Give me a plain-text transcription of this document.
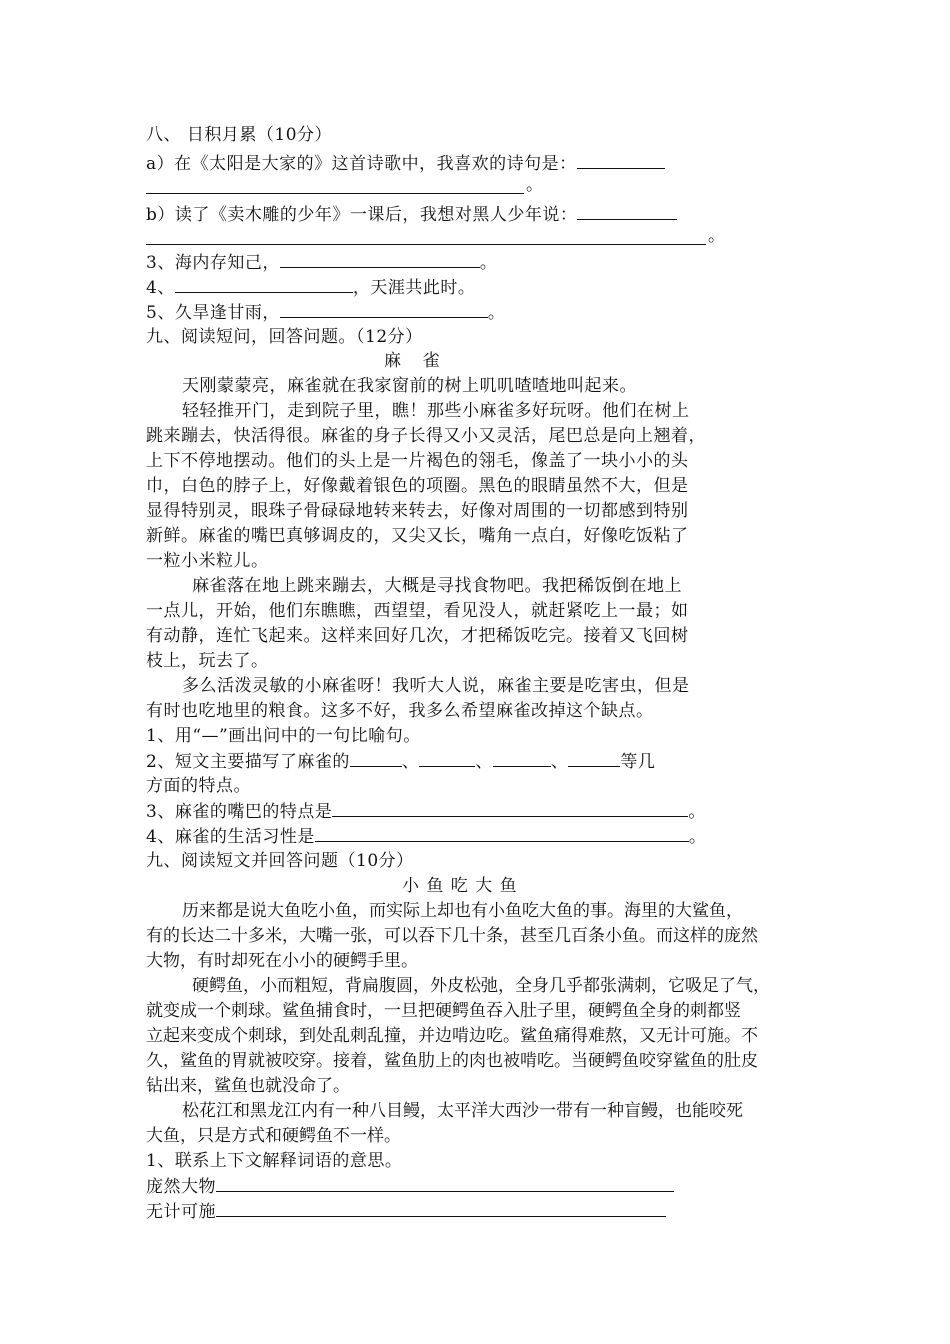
八、 日积月累（10分）
a）在《太阳是大家的》这首诗歌中，我喜欢的诗句是：
。
b）读了《卖木雕的少年》一课后，我想对黑人少年说：
。
3、海内存知己，	。
4、	，天涯共此时。
5、久旱逢甘雨，	。
九、阅读短问，回答问题。（12分）
麻    雀
天刚蒙蒙亮，麻雀就在我家窗前的树上叽叽喳喳地叫起来。
轻轻推开门，走到院子里，瞧！那些小麻雀多好玩呀。他们在树上
跳来蹦去，快活得很。麻雀的身子长得又小又灵活，尾巴总是向上翘着，
上下不停地摆动。他们的头上是一片褐色的翎毛，像盖了一块小小的头
巾，白色的脖子上，好像戴着银色的项圈。黑色的眼睛虽然不大，但是
显得特别灵，眼珠子骨碌碌地转来转去，好像对周围的一切都感到特别
新鲜。麻雀的嘴巴真够调皮的，又尖又长，嘴角一点白，好像吃饭粘了
一粒小米粒儿。
麻雀落在地上跳来蹦去，大概是寻找食物吧。我把稀饭倒在地上
一点儿，开始，他们东瞧瞧，西望望，看见没人，就赶紧吃上一最；如
有动静，连忙飞起来。这样来回好几次，才把稀饭吃完。接着又飞回树
枝上，玩去了。
多么活泼灵敏的小麻雀呀！我听大人说，麻雀主要是吃害虫，但是
有时也吃地里的粮食。这多不好，我多么希望麻雀改掉这个缺点。
1、用“—”画出问中的一句比喻句。
2、短文主要描写了麻雀的	、	、	、	等几
方面的特点。
3、麻雀的嘴巴的特点是	。
4、麻雀的生活习性是	。
九、阅读短文并回答问题（10分）
小 鱼 吃 大 鱼
历来都是说大鱼吃小鱼，而实际上却也有小鱼吃大鱼的事。海里的大鲨鱼，
有的长达二十多米，大嘴一张，可以吞下几十条，甚至几百条小鱼。而这样的庞然
大物，有时却死在小小的硬鳄手里。
硬鳄鱼，小而粗短，背扁腹圆，外皮松弛，全身几乎都张满刺，它吸足了气，
就变成一个刺球。鲨鱼捕食时，一旦把硬鳄鱼吞入肚子里，硬鳄鱼全身的刺都竖
立起来变成个刺球，到处乱刺乱撞，并边啃边吃。鲨鱼痛得难熬，又无计可施。不
久，鲨鱼的胃就被咬穿。接着，鲨鱼肋上的肉也被啃吃。当硬鳄鱼咬穿鲨鱼的肚皮
钻出来，鲨鱼也就没命了。
松花江和黑龙江内有一种八目鳗，太平洋大西沙一带有一种盲鳗，也能咬死
大鱼，只是方式和硬鳄鱼不一样。
1、联系上下文解释词语的意思。
庞然大物
无计可施
